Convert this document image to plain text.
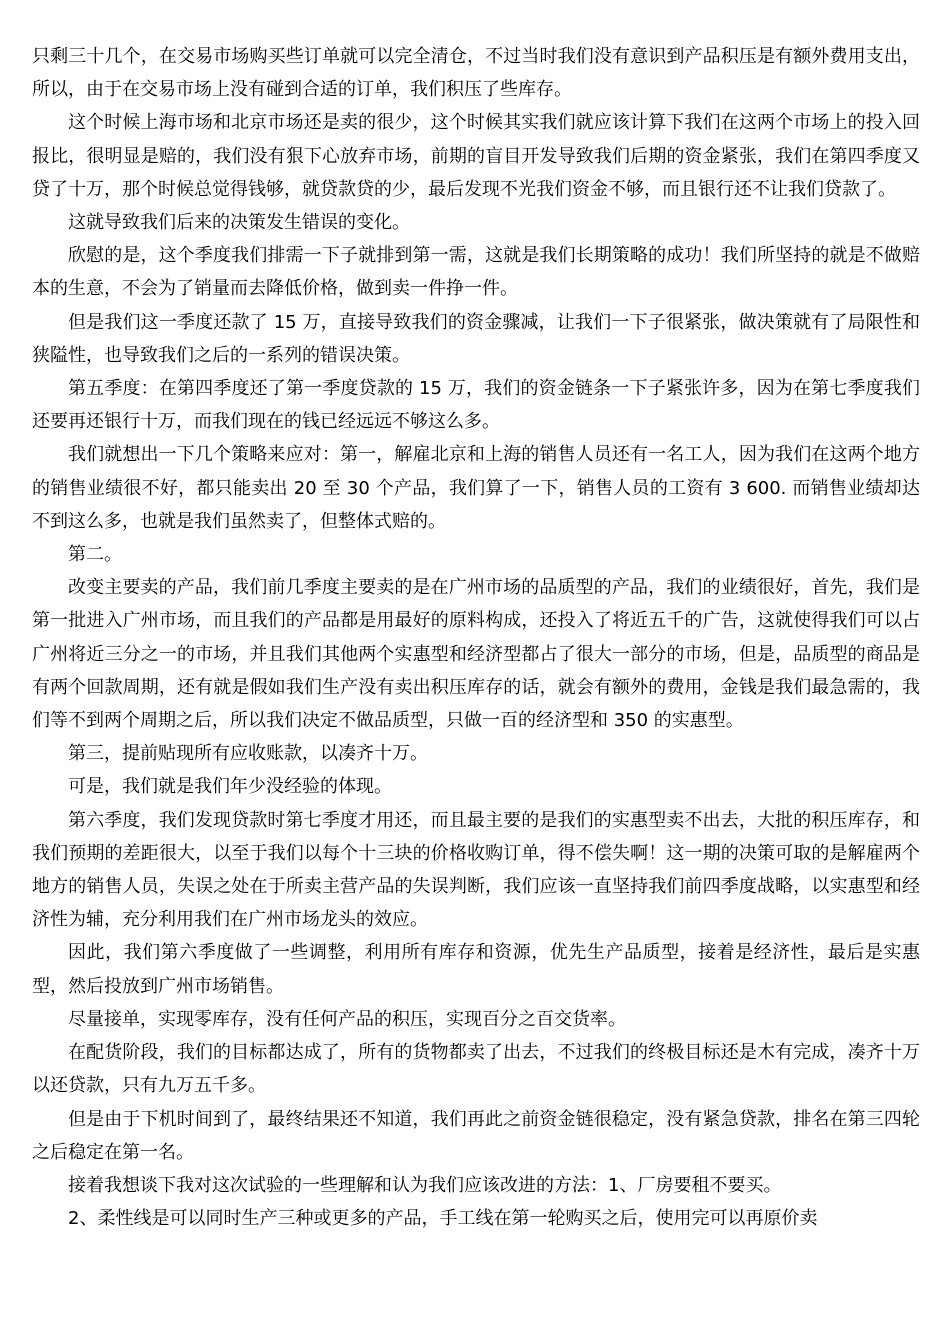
只剩三十几个，在交易市场购买些订单就可以完全清仓，不过当时我们没有意识到产品积压是有额外费用支出，所以，由于在交易市场上没有碰到合适的订单，我们积压了些库存。

这个时候上海市场和北京市场还是卖的很少，这个时候其实我们就应该计算下我们在这两个市场上的投入回报比，很明显是赔的，我们没有狠下心放弃市场，前期的盲目开发导致我们后期的资金紧张，我们在第四季度又贷了十万，那个时候总觉得钱够，就贷款贷的少，最后发现不光我们资金不够，而且银行还不让我们贷款了。

这就导致我们后来的决策发生错误的变化。

欣慰的是，这个季度我们排需一下子就排到第一需，这就是我们长期策略的成功！我们所坚持的就是不做赔本的生意，不会为了销量而去降低价格，做到卖一件挣一件。

但是我们这一季度还款了 15 万，直接导致我们的资金骤减，让我们一下子很紧张，做决策就有了局限性和狭隘性，也导致我们之后的一系列的错误决策。

第五季度：在第四季度还了第一季度贷款的 15 万，我们的资金链条一下子紧张许多，因为在第七季度我们还要再还银行十万，而我们现在的钱已经远远不够这么多。

我们就想出一下几个策略来应对：第一，解雇北京和上海的销售人员还有一名工人，因为我们在这两个地方的销售业绩很不好，都只能卖出 20 至 30 个产品，我们算了一下，销售人员的工资有 3 600. 而销售业绩却达不到这么多，也就是我们虽然卖了，但整体式赔的。

第二。

改变主要卖的产品，我们前几季度主要卖的是在广州市场的品质型的产品，我们的业绩很好，首先，我们是第一批进入广州市场，而且我们的产品都是用最好的原料构成，还投入了将近五千的广告，这就使得我们可以占广州将近三分之一的市场，并且我们其他两个实惠型和经济型都占了很大一部分的市场，但是，品质型的商品是有两个回款周期，还有就是假如我们生产没有卖出积压库存的话，就会有额外的费用，金钱是我们最急需的，我们等不到两个周期之后，所以我们决定不做品质型，只做一百的经济型和 350 的实惠型。

第三，提前贴现所有应收账款，以凑齐十万。

可是，我们就是我们年少没经验的体现。

第六季度，我们发现贷款时第七季度才用还，而且最主要的是我们的实惠型卖不出去，大批的积压库存，和我们预期的差距很大，以至于我们以每个十三块的价格收购订单，得不偿失啊！这一期的决策可取的是解雇两个地方的销售人员，失误之处在于所卖主营产品的失误判断，我们应该一直坚持我们前四季度战略，以实惠型和经济性为辅，充分利用我们在广州市场龙头的效应。

因此，我们第六季度做了一些调整，利用所有库存和资源，优先生产品质型，接着是经济性，最后是实惠型，然后投放到广州市场销售。

尽量接单，实现零库存，没有任何产品的积压，实现百分之百交货率。

在配货阶段，我们的目标都达成了，所有的货物都卖了出去，不过我们的终极目标还是木有完成，凑齐十万以还贷款，只有九万五千多。

但是由于下机时间到了，最终结果还不知道，我们再此之前资金链很稳定，没有紧急贷款，排名在第三四轮之后稳定在第一名。

接着我想谈下我对这次试验的一些理解和认为我们应该改进的方法：1、厂房要租不要买。

2、柔性线是可以同时生产三种或更多的产品，手工线在第一轮购买之后，使用完可以再原价卖
